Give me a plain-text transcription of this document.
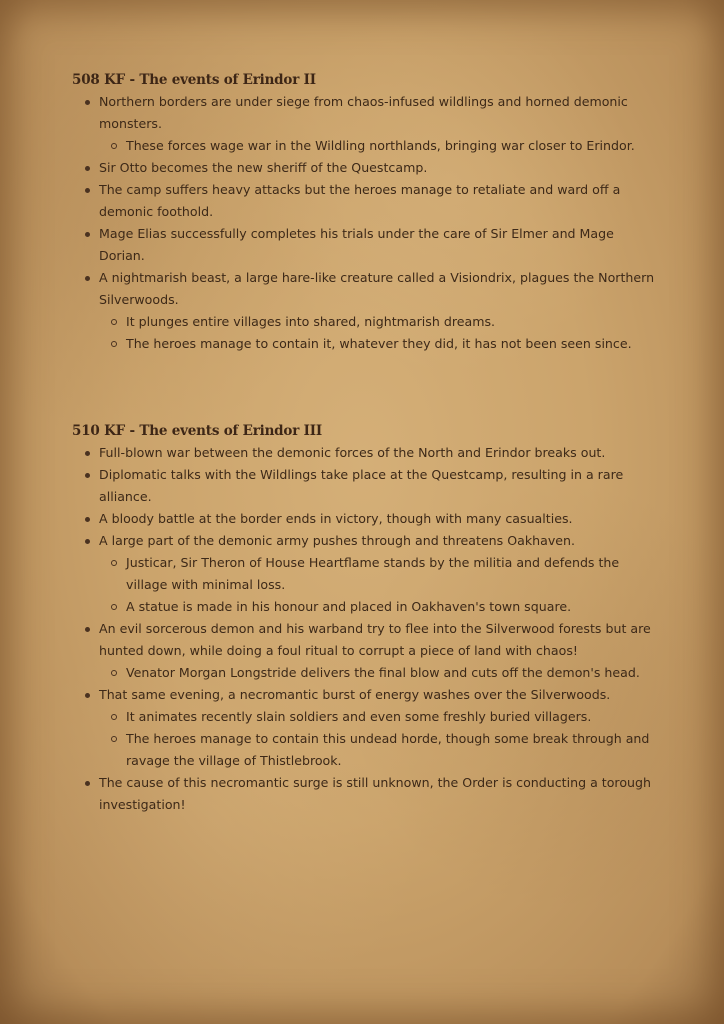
508 KF - The events of Erindor II
Northern borders are under siege from chaos-infused wildlings and horned demonic monsters.
These forces wage war in the Wildling northlands, bringing war closer to Erindor.
Sir Otto becomes the new sheriff of the Questcamp.
The camp suffers heavy attacks but the heroes manage to retaliate and ward off a demonic foothold.
Mage Elias successfully completes his trials under the care of Sir Elmer and Mage Dorian.
A nightmarish beast, a large hare-like creature called a Visiondrix, plagues the Northern Silverwoods.
It plunges entire villages into shared, nightmarish dreams.
The heroes manage to contain it, whatever they did, it has not been seen since.
510 KF - The events of Erindor III
Full-blown war between the demonic forces of the North and Erindor breaks out.
Diplomatic talks with the Wildlings take place at the Questcamp, resulting in a rare alliance.
A bloody battle at the border ends in victory, though with many casualties.
A large part of the demonic army pushes through and threatens Oakhaven.
Justicar, Sir Theron of House Heartflame stands by the militia and defends the village with minimal loss.
A statue is made in his honour and placed in Oakhaven's town square.
An evil sorcerous demon and his warband try to flee into the Silverwood forests but are hunted down, while doing a foul ritual to corrupt a piece of land with chaos!
Venator Morgan Longstride delivers the final blow and cuts off the demon's head.
That same evening, a necromantic burst of energy washes over the Silverwoods.
It animates recently slain soldiers and even some freshly buried villagers.
The heroes manage to contain this undead horde, though some break through and ravage the village of Thistlebrook.
The cause of this necromantic surge is still unknown, the Order is conducting a torough investigation!
